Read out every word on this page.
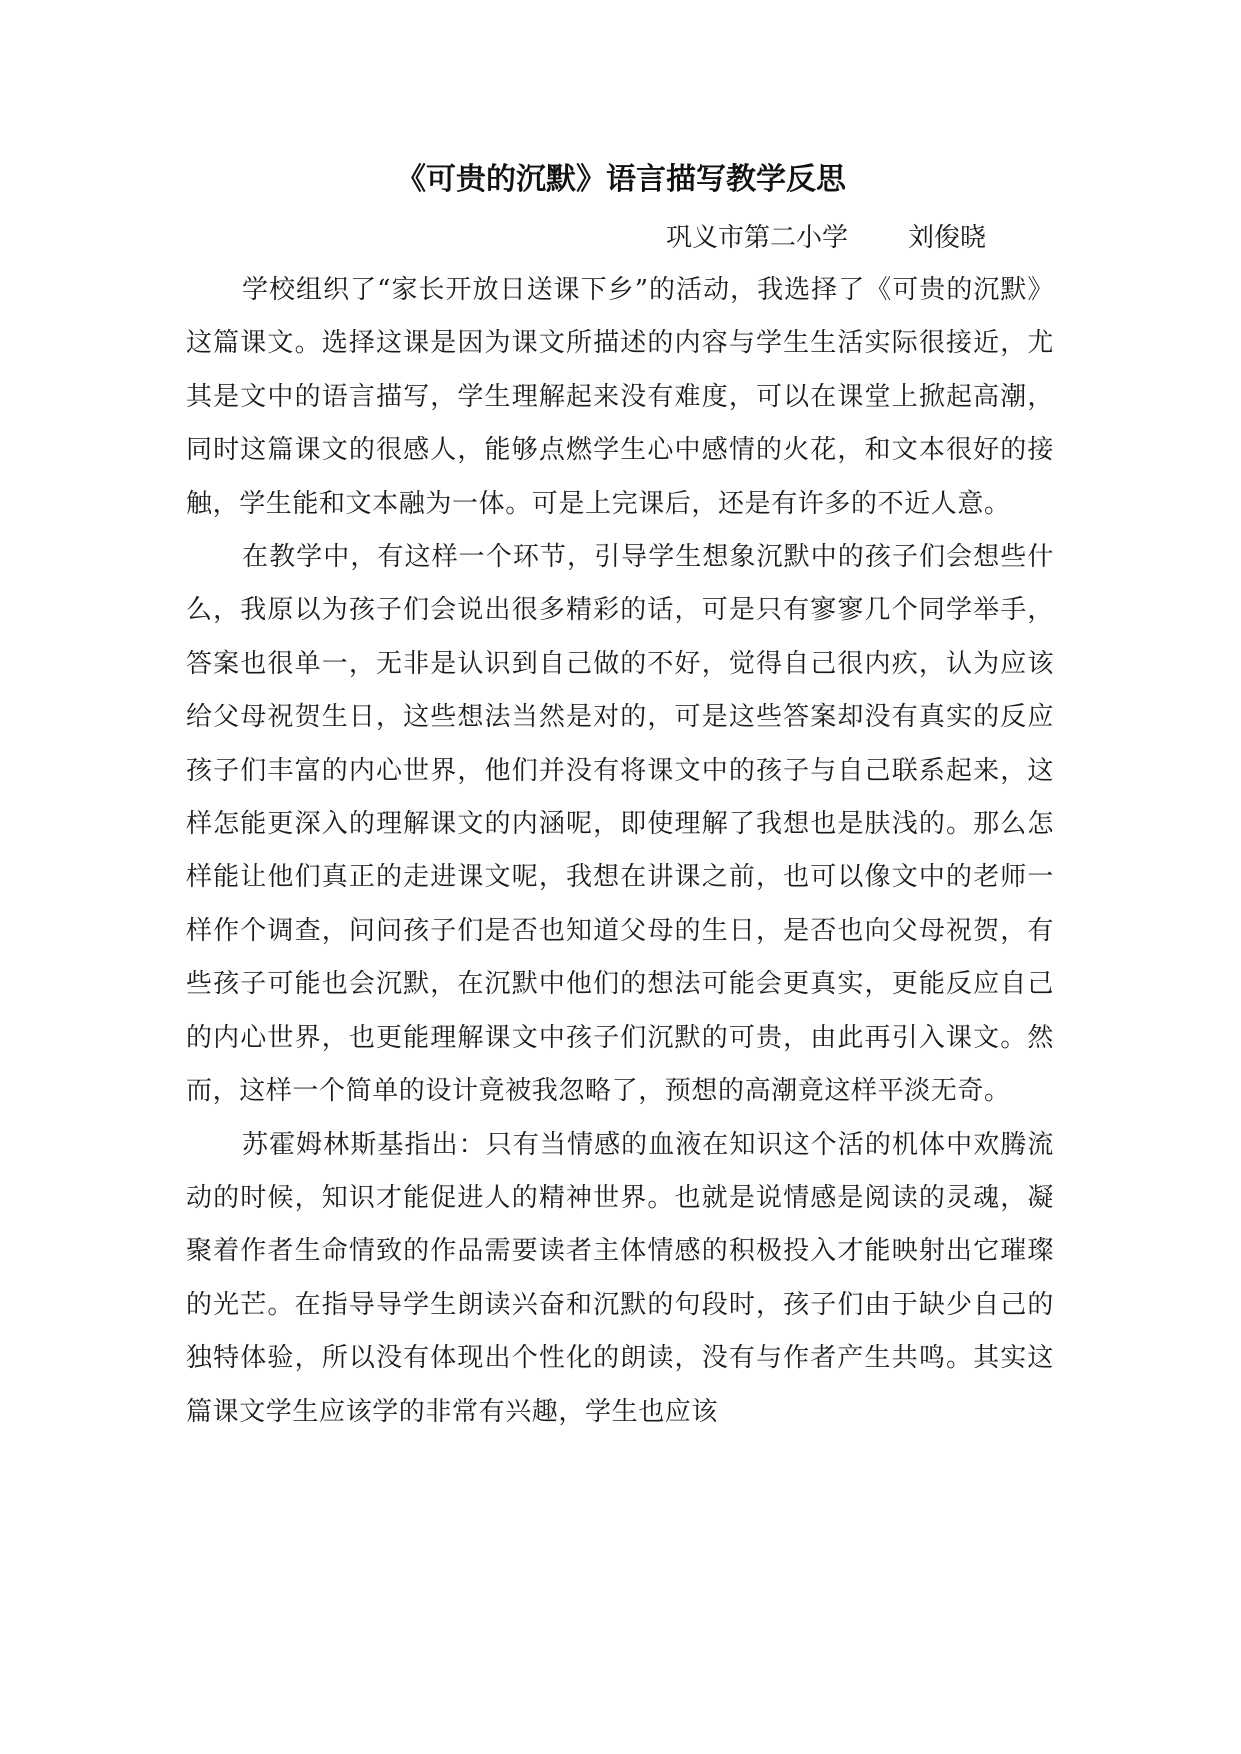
《可贵的沉默》语言描写教学反思

巩义市第二小学 刘俊晓

学校组织了“家长开放日送课下乡”的活动，我选择了《可贵的沉默》这篇课文。选择这课是因为课文所描述的内容与学生生活实际很接近，尤其是文中的语言描写，学生理解起来没有难度，可以在课堂上掀起高潮，同时这篇课文的很感人，能够点燃学生心中感情的火花，和文本很好的接触，学生能和文本融为一体。可是上完课后，还是有许多的不近人意。

在教学中，有这样一个环节，引导学生想象沉默中的孩子们会想些什么，我原以为孩子们会说出很多精彩的话，可是只有寥寥几个同学举手，答案也很单一，无非是认识到自己做的不好，觉得自己很内疚，认为应该给父母祝贺生日，这些想法当然是对的，可是这些答案却没有真实的反应孩子们丰富的内心世界，他们并没有将课文中的孩子与自己联系起来，这样怎能更深入的理解课文的内涵呢，即使理解了我想也是肤浅的。那么怎样能让他们真正的走进课文呢，我想在讲课之前，也可以像文中的老师一样作个调查，问问孩子们是否也知道父母的生日，是否也向父母祝贺，有些孩子可能也会沉默，在沉默中他们的想法可能会更真实，更能反应自己的内心世界，也更能理解课文中孩子们沉默的可贵，由此再引入课文。然而，这样一个简单的设计竟被我忽略了，预想的高潮竟这样平淡无奇。

苏霍姆林斯基指出：只有当情感的血液在知识这个活的机体中欢腾流动的时候，知识才能促进人的精神世界。也就是说情感是阅读的灵魂，凝聚着作者生命情致的作品需要读者主体情感的积极投入才能映射出它璀璨的光芒。在指导导学生朗读兴奋和沉默的句段时，孩子们由于缺少自己的独特体验，所以没有体现出个性化的朗读，没有与作者产生共鸣。其实这篇课文学生应该学的非常有兴趣，学生也应该
